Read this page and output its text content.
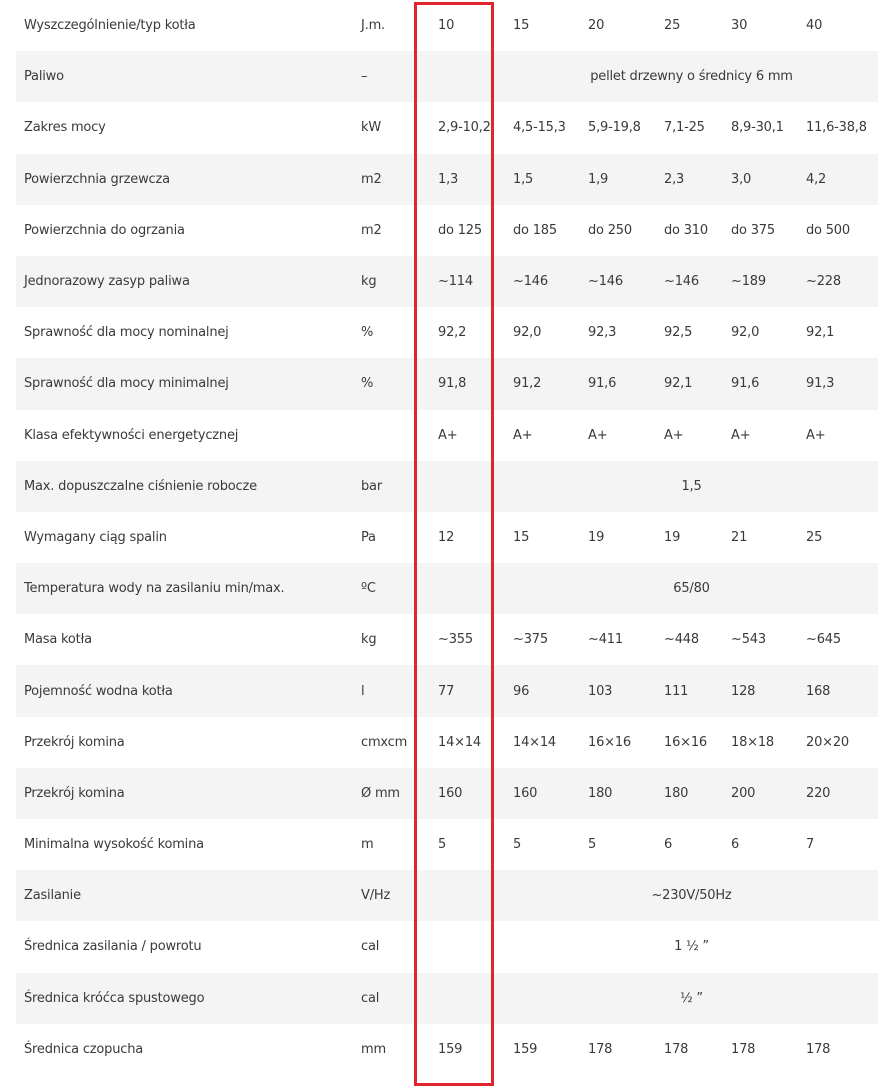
Wyszczególnienie/typ kotła	J.m.	10	15	20	25	30	40
Paliwo	–		pellet drzewny o średnicy 6 mm				
Zakres mocy	kW	2,9-10,2	4,5-15,3	5,9-19,8	7,1-25	8,9-30,1	11,6-38,8
Powierzchnia grzewcza	m2	1,3	1,5	1,9	2,3	3,0	4,2
Powierzchnia do ogrzania	m2	do 125	do 185	do 250	do 310	do 375	do 500
Jednorazowy zasyp paliwa	kg	~114	~146	~146	~146	~189	~228
Sprawność dla mocy nominalnej	%	92,2	92,0	92,3	92,5	92,0	92,1
Sprawność dla mocy minimalnej	%	91,8	91,2	91,6	92,1	91,6	91,3
Klasa efektywności energetycznej		A+	A+	A+	A+	A+	A+
Max. dopuszczalne ciśnienie robocze	bar		1,5				
Wymagany ciąg spalin	Pa	12	15	19	19	21	25
Temperatura wody na zasilaniu min/max.	ºC		65/80				
Masa kotła	kg	~355	~375	~411	~448	~543	~645
Pojemność wodna kotła	l	77	96	103	111	128	168
Przekrój komina	cmxcm	14×14	14×14	16×16	16×16	18×18	20×20
Przekrój komina	Ø mm	160	160	180	180	200	220
Minimalna wysokość komina	m	5	5	5	6	6	7
Zasilanie	V/Hz		~230V/50Hz				
Średnica zasilania / powrotu	cal		1 ½ ”				
Średnica króćca spustowego	cal		½ ”				
Średnica czopucha	mm	159	159	178	178	178	178
